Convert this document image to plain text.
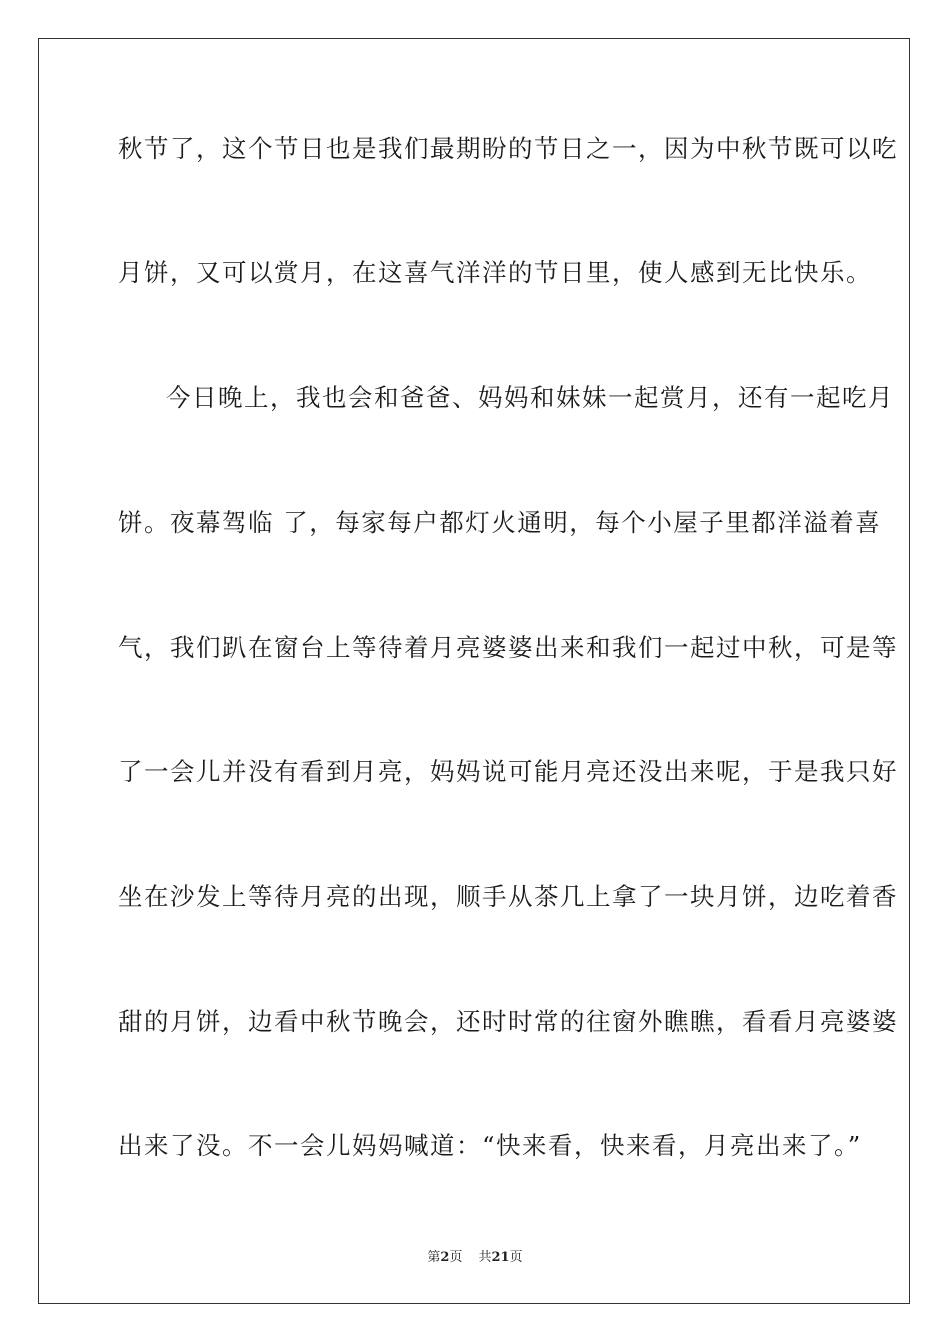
秋节了，这个节日也是我们最期盼的节日之一，因为中秋节既可以吃
月饼，又可以赏月，在这喜气洋洋的节日里，使人感到无比快乐。
今日晚上，我也会和爸爸、妈妈和妹妹一起赏月，还有一起吃月
饼。夜幕驾临 了，每家每户都灯火通明，每个小屋子里都洋溢着喜
气，我们趴在窗台上等待着月亮婆婆出来和我们一起过中秋，可是等
了一会儿并没有看到月亮，妈妈说可能月亮还没出来呢，于是我只好
坐在沙发上等待月亮的出现，顺手从茶几上拿了一块月饼，边吃着香
甜的月饼，边看中秋节晚会，还时时常的往窗外瞧瞧，看看月亮婆婆
出来了没。不一会儿妈妈喊道：“快来看，快来看，月亮出来了。”
第2页 共21页
